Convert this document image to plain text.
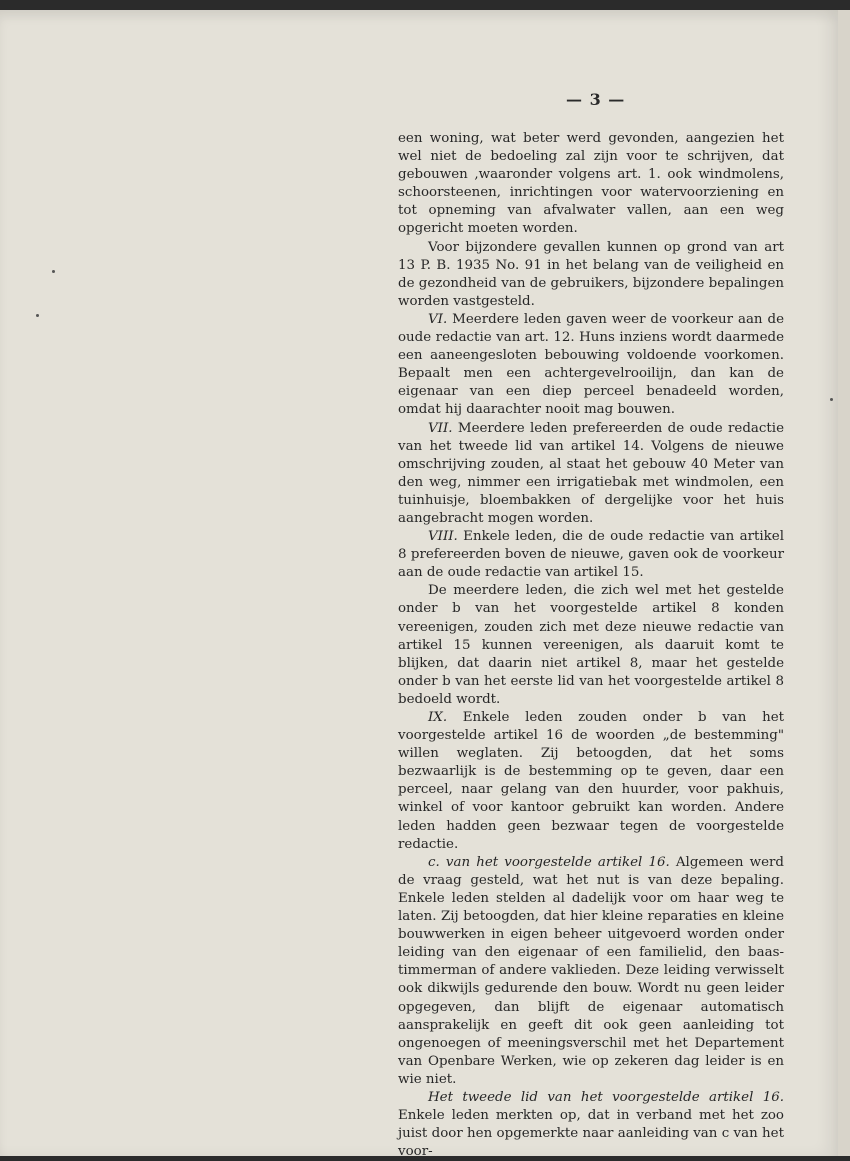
— 3 —

een woning, wat beter werd gevonden, aangezien het wel niet de bedoeling zal zijn voor te schrijven, dat gebouwen ,waaronder volgens art. 1. ook windmolens, schoorsteenen, inrichtingen voor watervoorziening en tot opneming van afvalwater vallen, aan een weg opgericht moeten worden.

Voor bijzondere gevallen kunnen op grond van art 13 P. B. 1935 No. 91 in het belang van de veiligheid en de gezondheid van de gebruikers, bijzondere bepalingen worden vastgesteld.

VI. Meerdere leden gaven weer de voorkeur aan de oude redactie van art. 12. Huns inziens wordt daarmede een aaneengesloten bebouwing voldoende voorkomen. Bepaalt men een achtergevelrooilijn, dan kan de eigenaar van een diep perceel benadeeld worden, omdat hij daarachter nooit mag bouwen.

VII. Meerdere leden prefereerden de oude redactie van het tweede lid van artikel 14. Volgens de nieuwe omschrijving zouden, al staat het gebouw 40 Meter van den weg, nimmer een irrigatiebak met windmolen, een tuinhuisje, bloembakken of dergelijke voor het huis aangebracht mogen worden.

VIII. Enkele leden, die de oude redactie van artikel 8 prefereerden boven de nieuwe, gaven ook de voorkeur aan de oude redactie van artikel 15.

De meerdere leden, die zich wel met het gestelde onder b van het voorgestelde artikel 8 konden vereenigen, zouden zich met deze nieuwe redactie van artikel 15 kunnen vereenigen, als daaruit komt te blijken, dat daarin niet artikel 8, maar het gestelde onder b van het eerste lid van het voorgestelde artikel 8 bedoeld wordt.

IX. Enkele leden zouden onder b van het voorgestelde artikel 16 de woorden „de bestemming" willen weglaten. Zij betoogden, dat het soms bezwaarlijk is de bestemming op te geven, daar een perceel, naar gelang van den huurder, voor pakhuis, winkel of voor kantoor gebruikt kan worden. Andere leden hadden geen bezwaar tegen de voorgestelde redactie.

c. van het voorgestelde artikel 16. Algemeen werd de vraag gesteld, wat het nut is van deze bepaling. Enkele leden stelden al dadelijk voor om haar weg te laten. Zij betoogden, dat hier kleine reparaties en kleine bouwwerken in eigen beheer uitgevoerd worden onder leiding van den eigenaar of een familielid, den baas-timmerman of andere vaklieden. Deze leiding verwisselt ook dikwijls gedurende den bouw. Wordt nu geen leider opgegeven, dan blijft de eigenaar automatisch aansprakelijk en geeft dit ook geen aanleiding tot ongenoegen of meeningsverschil met het Departement van Openbare Werken, wie op zekeren dag leider is en wie niet.

Het tweede lid van het voorgestelde artikel 16. Enkele leden merkten op, dat in verband met het zoo juist door hen opgemerkte naar aanleiding van c van het voor-
